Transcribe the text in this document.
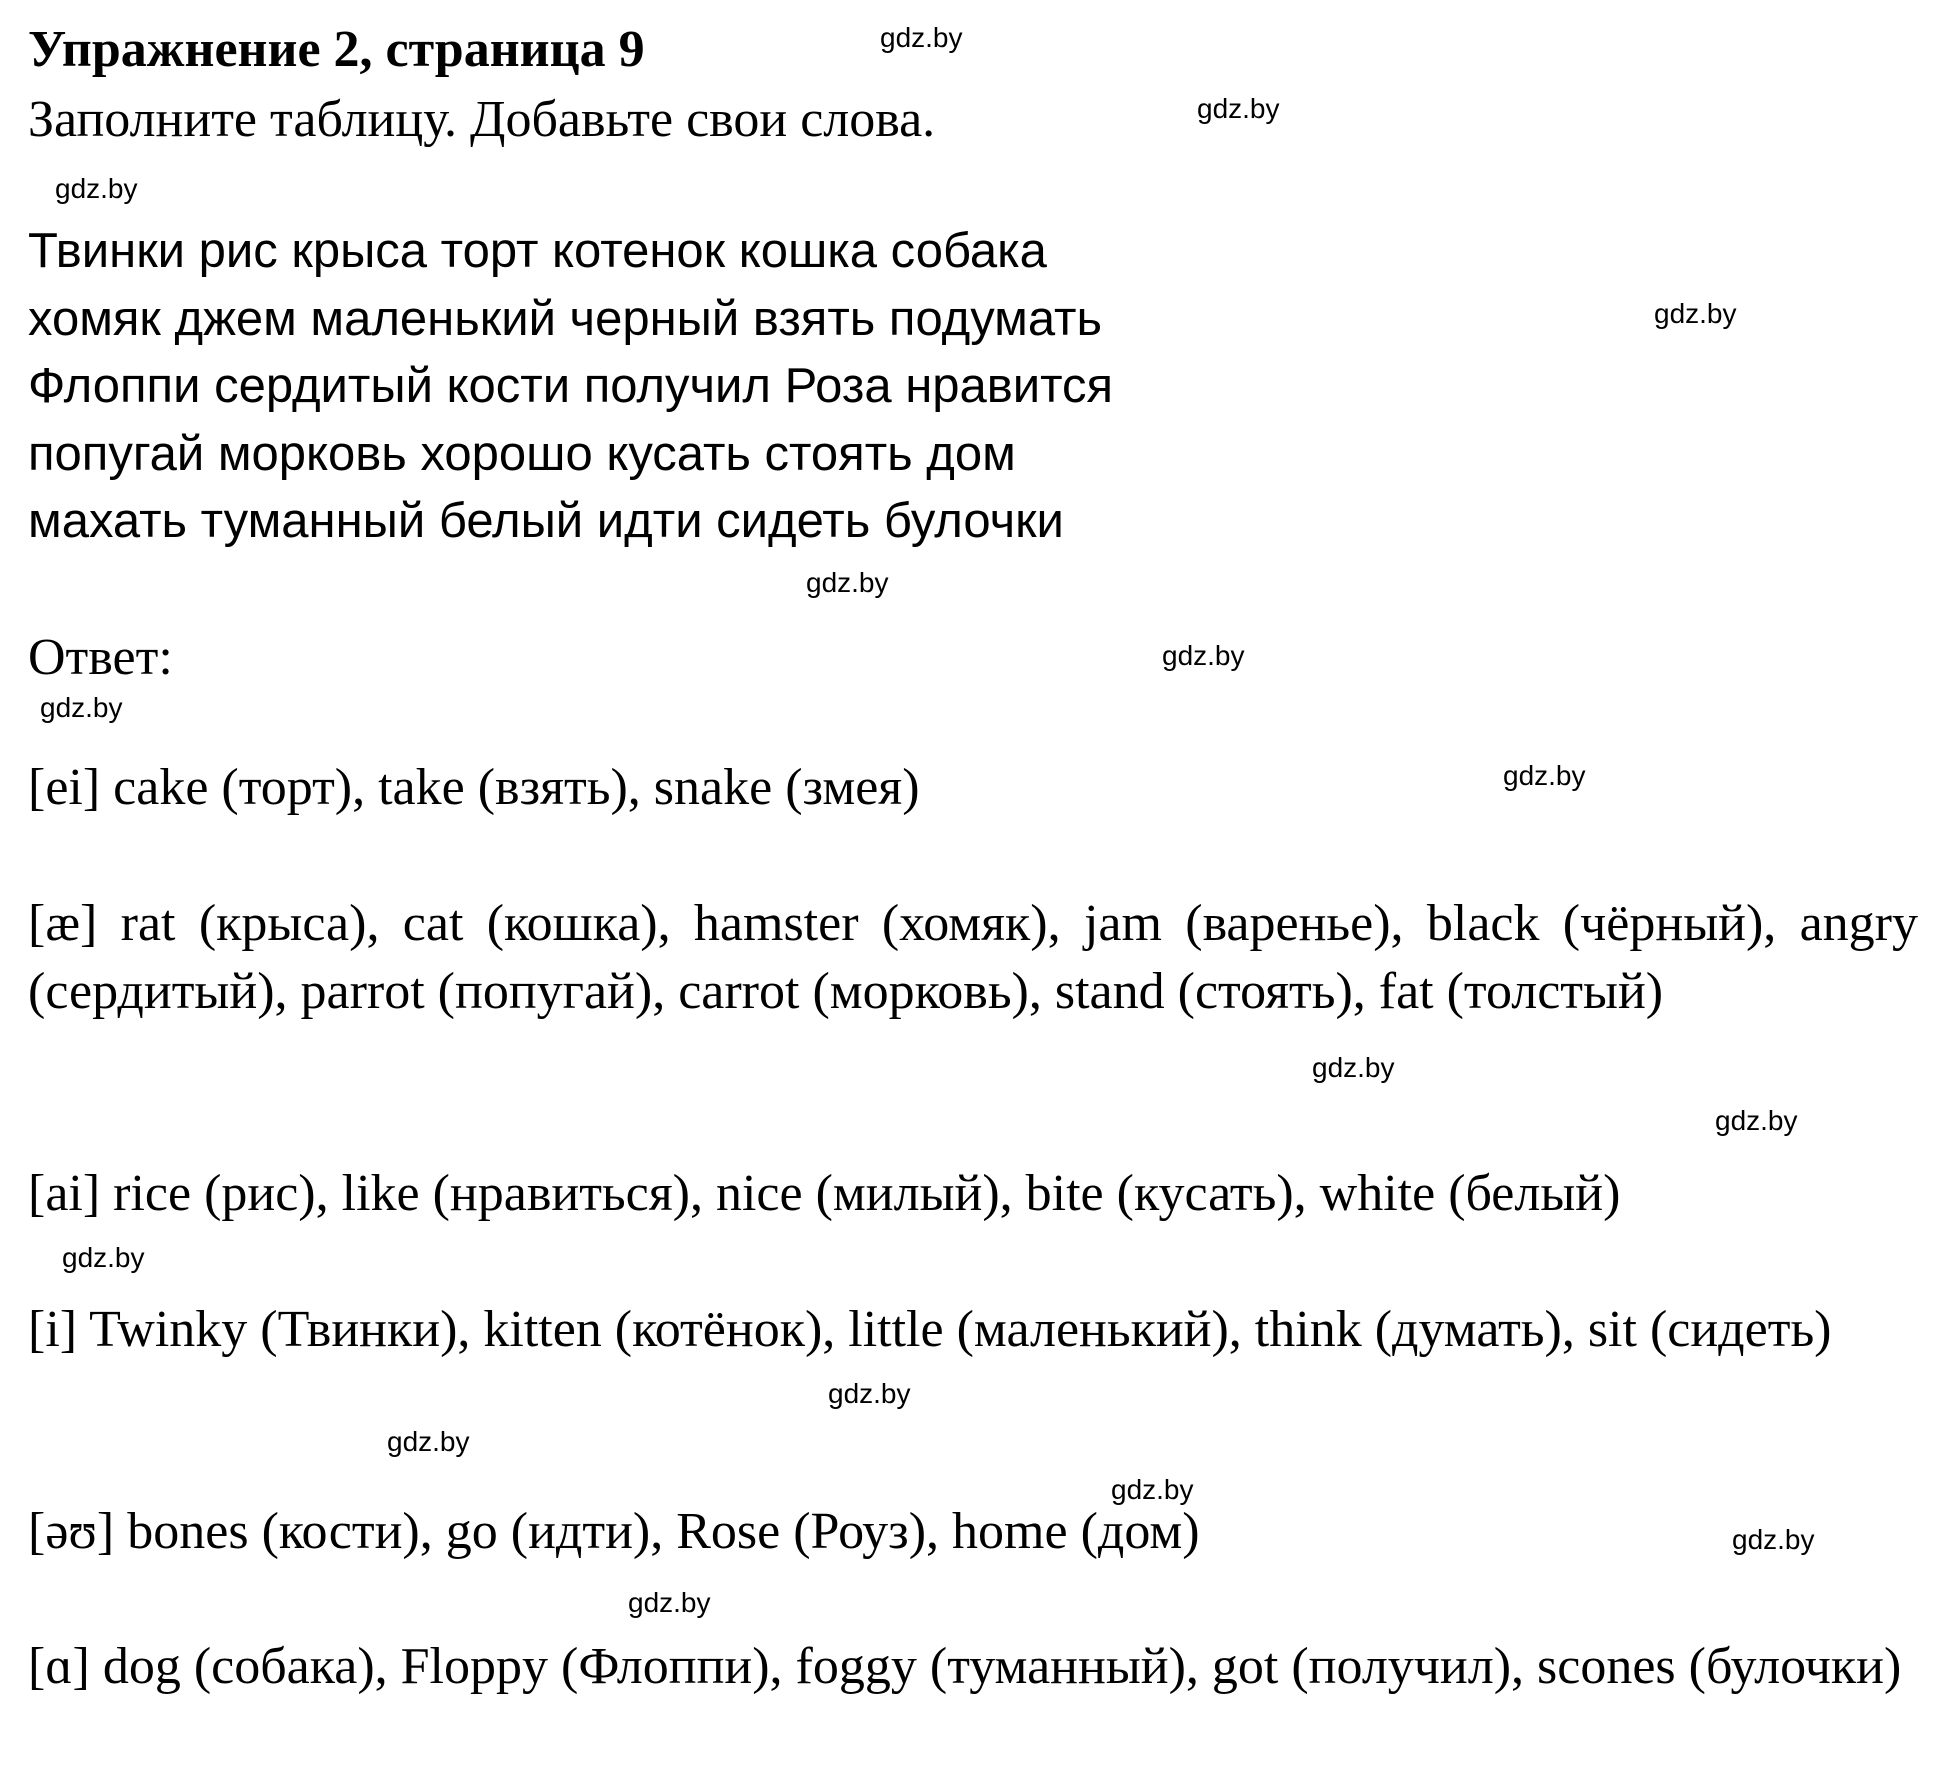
Упражнение 2, страница 9
Заполните таблицу. Добавьте свои слова.
Твинки рис крыса торт котенок кошка собака
хомяк джем маленький черный взять подумать
Флоппи сердитый кости получил Роза нравится
попугай морковь хорошо кусать стоять дом
махать туманный белый идти сидеть булочки
Ответ:
[ei] cake (торт), take (взять), snake (змея)
[æ] rat (крыса), cat (кошка), hamster (хомяк), jam (варенье), black (чёрный), angry (сердитый), parrot (попугай), carrot (морковь), stand (стоять), fat (толстый)
[ai] rice (рис), like (нравиться), nice (милый), bite (кусать), white (белый)
[i] Twinky (Твинки), kitten (котёнок), little (маленький), think (думать), sit (сидеть)
[əʊ] bones (кости), go (идти), Rose (Роуз), home (дом)
[ɑ] dog (собака), Floppy (Флоппи), foggy (туманный), got (получил), scones (булочки)
gdz.by
gdz.by
gdz.by
gdz.by
gdz.by
gdz.by
gdz.by
gdz.by
gdz.by
gdz.by
gdz.by
gdz.by
gdz.by
gdz.by
gdz.by
gdz.by
